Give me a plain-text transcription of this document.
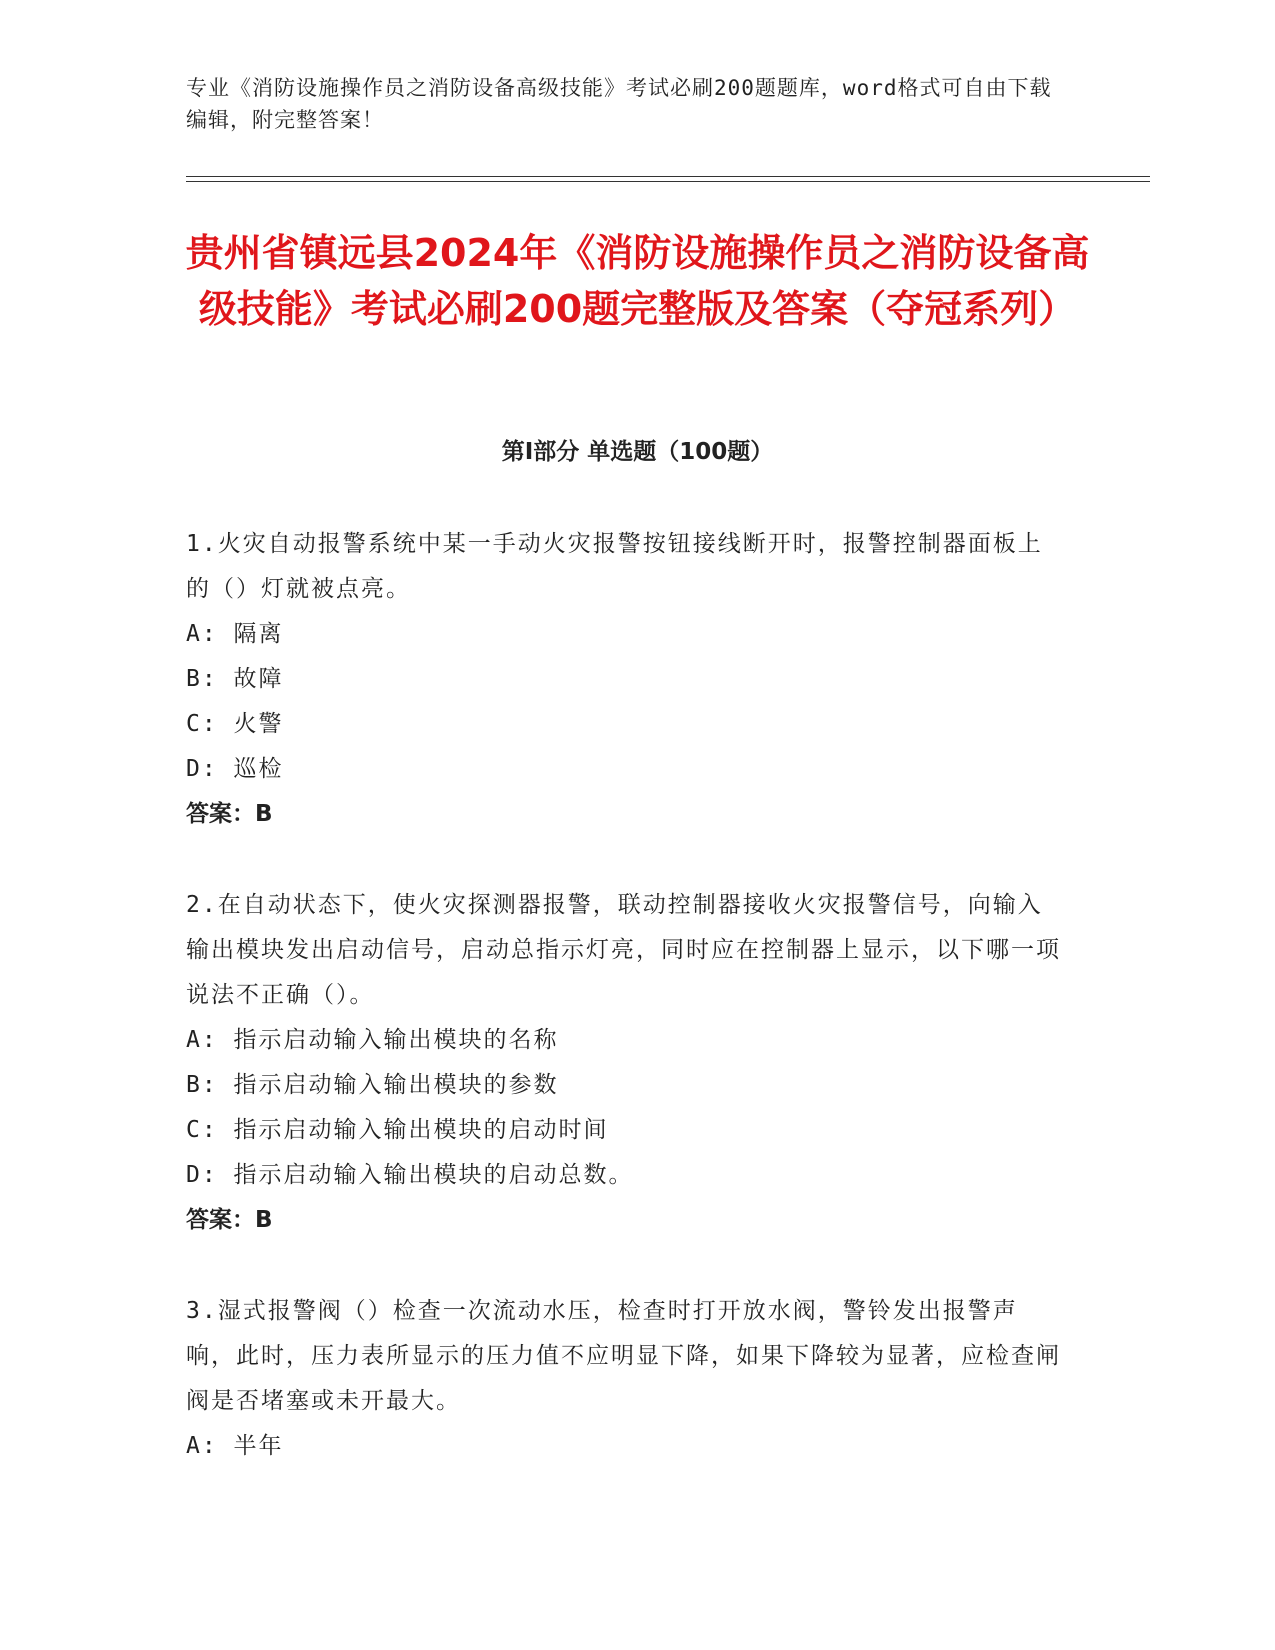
专业《消防设施操作员之消防设备高级技能》考试必刷200题题库，word格式可自由下载编辑，附完整答案！
贵州省镇远县2024年《消防设施操作员之消防设备高级技能》考试必刷200题完整版及答案（夺冠系列）
第I部分 单选题（100题）

1.火灾自动报警系统中某一手动火灾报警按钮接线断开时，报警控制器面板上的（）灯就被点亮。

A: 隔离

B: 故障

C: 火警

D: 巡检

答案：B

2.在自动状态下，使火灾探测器报警，联动控制器接收火灾报警信号，向输入输出模块发出启动信号，启动总指示灯亮，同时应在控制器上显示，以下哪一项说法不正确（）。

A: 指示启动输入输出模块的名称

B: 指示启动输入输出模块的参数

C: 指示启动输入输出模块的启动时间

D: 指示启动输入输出模块的启动总数。

答案：B

3.湿式报警阀（）检查一次流动水压，检查时打开放水阀，警铃发出报警声响，此时，压力表所显示的压力值不应明显下降，如果下降较为显著，应检查闸阀是否堵塞或未开最大。

A: 半年
